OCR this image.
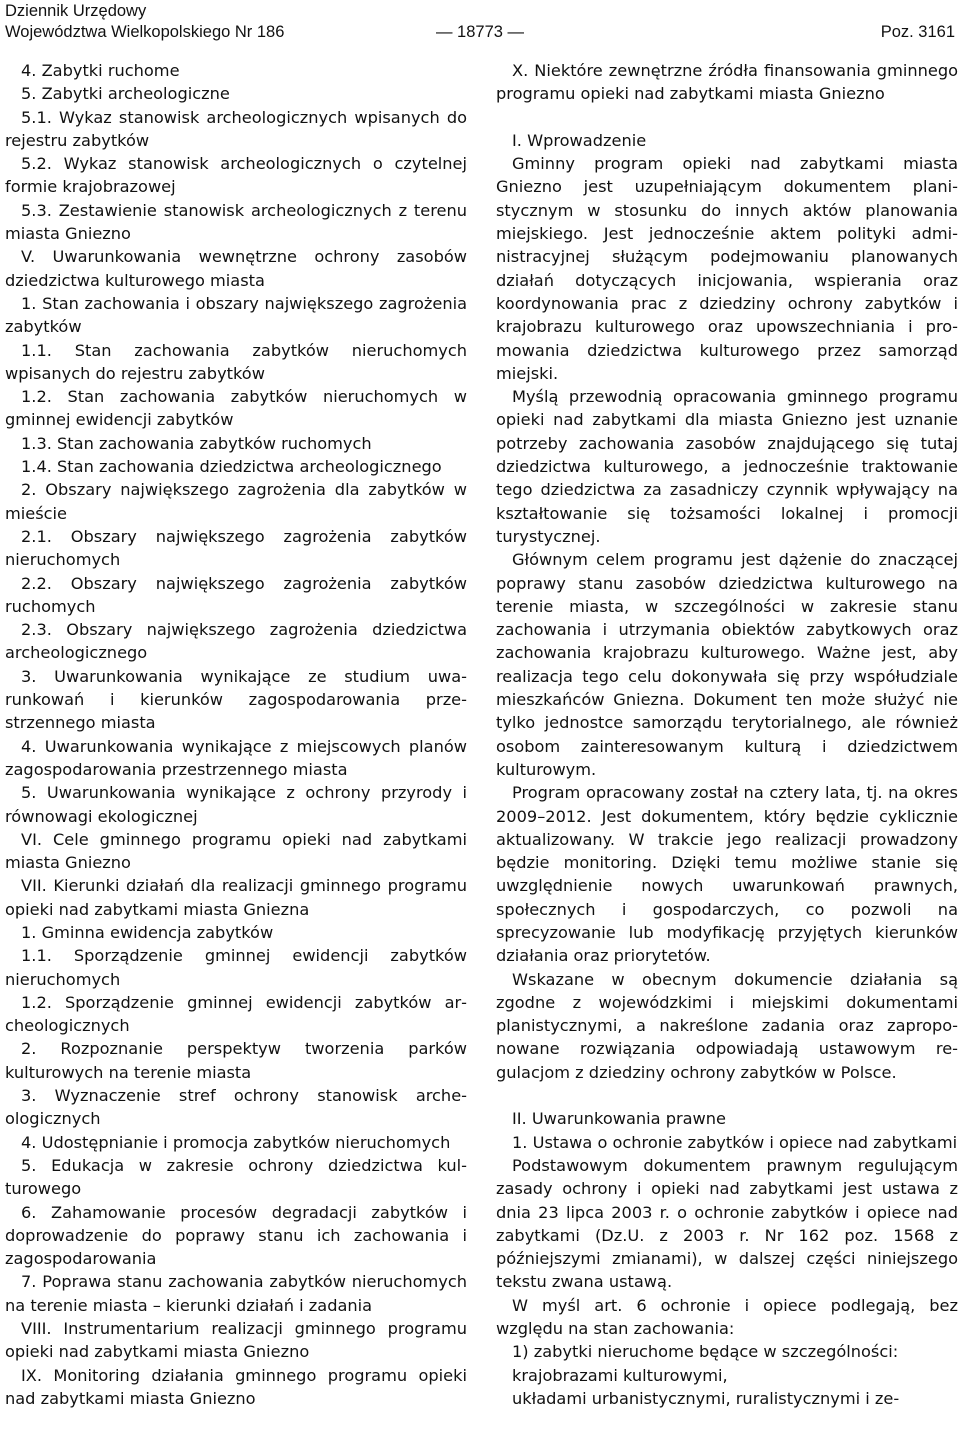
Dziennik Urzędowy
Województwa Wielkopolskiego Nr 186	— 18773 —	Poz. 3161

4. Zabytki ruchome

5. Zabytki archeologiczne

5.1. Wykaz stanowisk archeologicznych wpisanych do rejestru zabytków

5.2. Wykaz stanowisk archeologicznych o czytelnej formie krajobrazowej

5.3. Zestawienie stanowisk archeologicznych z terenu miasta Gniezno

V. Uwarunkowania wewnętrzne ochrony zasobów dziedzictwa kulturowego miasta

1. Stan zachowania i obszary największego zagrożenia zabytków

1.1. Stan zachowania zabytków nieruchomych wpisanych do rejestru zabytków

1.2. Stan zachowania zabytków nieruchomych w gminnej ewidencji zabytków

1.3. Stan zachowania zabytków ruchomych

1.4. Stan zachowania dziedzictwa archeologicznego

2. Obszary największego zagrożenia dla zabytków w mieście

2.1. Obszary największego zagrożenia zabytków nieruchomych

2.2. Obszary największego zagrożenia zabytków ruchomych

2.3. Obszary największego zagrożenia dziedzictwa archeologicznego

3. Uwarunkowania wynikające ze studium uwarunkowań i kierunków zagospodarowania przestrzennego miasta

4. Uwarunkowania wynikające z miejscowych planów zagospodarowania przestrzennego miasta

5. Uwarunkowania wynikające z ochrony przyrody i równowagi ekologicznej

VI. Cele gminnego programu opieki nad zabytkami miasta Gniezno

VII. Kierunki działań dla realizacji gminnego programu opieki nad zabytkami miasta Gniezna

1. Gminna ewidencja zabytków

1.1. Sporządzenie gminnej ewidencji zabytków nieruchomych

1.2. Sporządzenie gminnej ewidencji zabytków archeologicznych

2. Rozpoznanie perspektyw tworzenia parków kulturowych na terenie miasta

3. Wyznaczenie stref ochrony stanowisk archeologicznych

4. Udostępnianie i promocja zabytków nieruchomych

5. Edukacja w zakresie ochrony dziedzictwa kulturowego

6. Zahamowanie procesów degradacji zabytków i doprowadzenie do poprawy stanu ich zachowania i zagospodarowania

7. Poprawa stanu zachowania zabytków nieruchomych na terenie miasta – kierunki działań i zadania

VIII. Instrumentarium realizacji gminnego programu opieki nad zabytkami miasta Gniezno

IX. Monitoring działania gminnego programu opieki nad zabytkami miasta Gniezno

X. Niektóre zewnętrzne źródła finansowania gminnego programu opieki nad zabytkami miasta Gniezno

I. Wprowadzenie

Gminny program opieki nad zabytkami miasta Gniezno jest uzupełniającym dokumentem planistycznym w stosunku do innych aktów planowania miejskiego. Jest jednocześnie aktem polityki administracyjnej służącym podejmowaniu planowanych działań dotyczących inicjowania, wspierania oraz koordynowania prac z dziedziny ochrony zabytków i krajobrazu kulturowego oraz upowszechniania i promowania dziedzictwa kulturowego przez samorząd miejski.

Myślą przewodnią opracowania gminnego programu opieki nad zabytkami dla miasta Gniezno jest uznanie potrzeby zachowania zasobów znajdującego się tutaj dziedzictwa kulturowego, a jednocześnie traktowanie tego dziedzictwa za zasadniczy czynnik wpływający na kształtowanie się tożsamości lokalnej i promocji turystycznej.

Głównym celem programu jest dążenie do znaczącej poprawy stanu zasobów dziedzictwa kulturowego na terenie miasta, w szczególności w zakresie stanu zachowania i utrzymania obiektów zabytkowych oraz zachowania krajobrazu kulturowego. Ważne jest, aby realizacja tego celu dokonywała się przy współudziale mieszkańców Gniezna. Dokument ten może służyć nie tylko jednostce samorządu terytorialnego, ale również osobom zainteresowanym kulturą i dziedzictwem kulturowym.

Program opracowany został na cztery lata, tj. na okres 2009–2012. Jest dokumentem, który będzie cyklicznie aktualizowany. W trakcie jego realizacji prowadzony będzie monitoring. Dzięki temu możliwe stanie się uwzględnienie nowych uwarunkowań prawnych, społecznych i gospodarczych, co pozwoli na sprecyzowanie lub modyfikację przyjętych kierunków działania oraz priorytetów.

Wskazane w obecnym dokumencie działania są zgodne z wojewódzkimi i miejskimi dokumentami planistycznymi, a nakreślone zadania oraz zaproponowane rozwiązania odpowiadają ustawowym regulacjom z dziedziny ochrony zabytków w Polsce.

II. Uwarunkowania prawne

1. Ustawa o ochronie zabytków i opiece nad zabytkami

Podstawowym dokumentem prawnym regulującym zasady ochrony i opieki nad zabytkami jest ustawa z dnia 23 lipca 2003 r. o ochronie zabytków i opiece nad zabytkami (Dz.U. z 2003 r. Nr 162 poz. 1568 z późniejszymi zmianami), w dalszej części niniejszego tekstu zwana ustawą.

W myśl art. 6 ochronie i opiece podlegają, bez względu na stan zachowania:

1) zabytki nieruchome będące w szczególności:

krajobrazami kulturowymi,

układami urbanistycznymi, ruralistycznymi i ze-
